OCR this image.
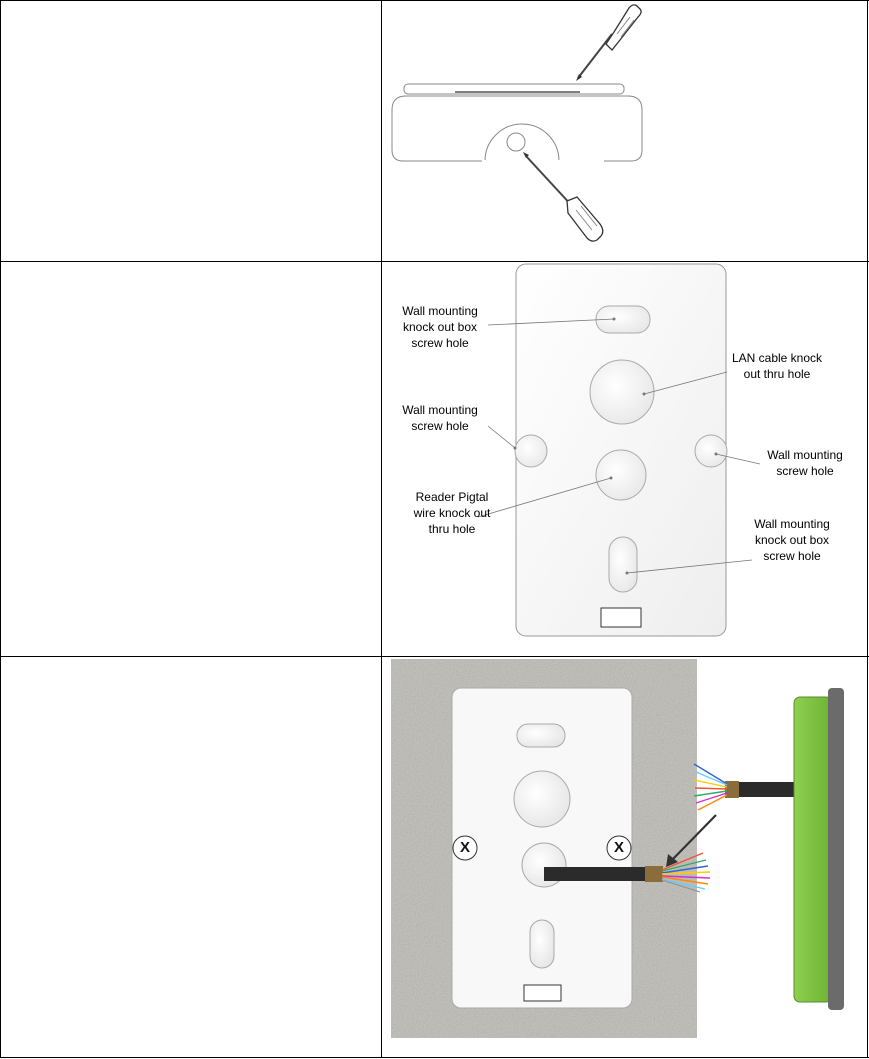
Wall mounting
knock out box
screw hole
LAN cable knock
out thru hole
Wall mounting
screw hole
Wall mounting
screw hole
Reader Pigtal
wire knock out
thru hole	Wall mounting
knock out box
screw hole
X	X
